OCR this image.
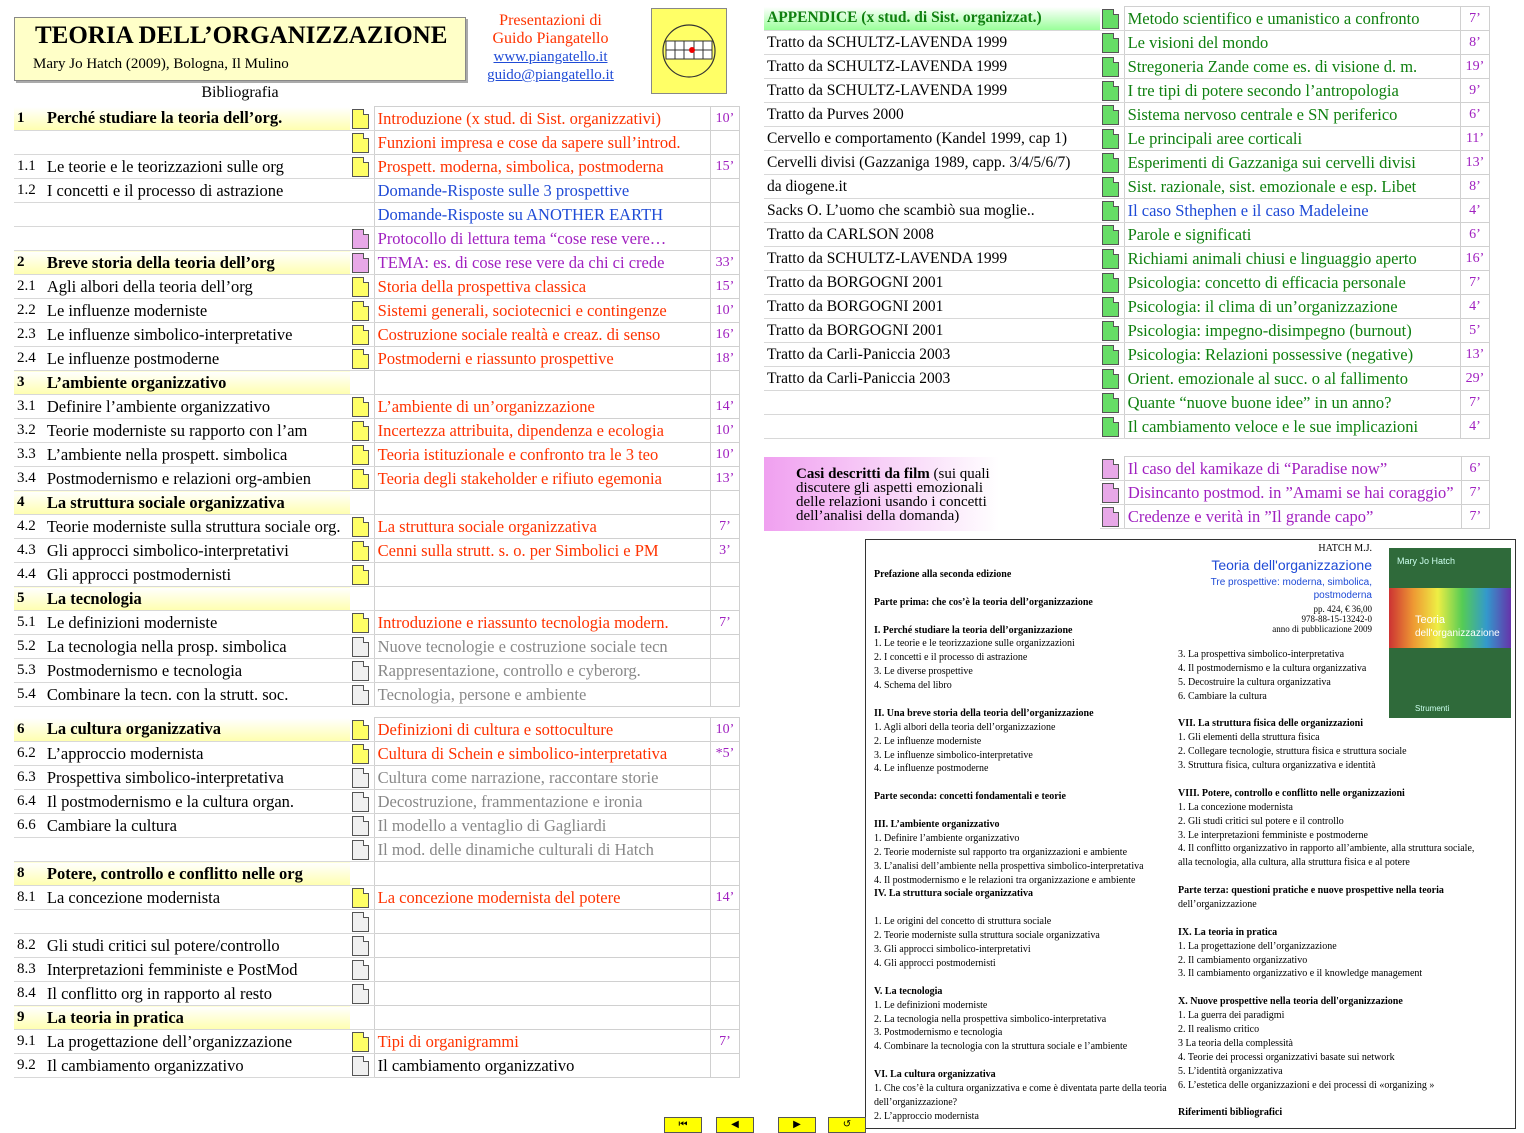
TEORIA DELL’ORGANIZZAZIONE
Mary Jo Hatch (2009), Bologna, Il Mulino
Presentazioni di
Guido Piangatello
www.piangatello.it
guido@piangatello.it
Bibliografia
1	Perché studiare la teoria dell’org.		Introduzione (x stud. di Sist. organizzativi)	10’
			Funzioni impresa e cose da sapere sull’introd.	
1.1	Le teorie e le teorizzazioni sulle org		Prospett. moderna, simbolica, postmoderna	15’
1.2	I concetti e il processo di astrazione		Domande-Risposte sulle 3 prospettive	
			Domande-Risposte su ANOTHER EARTH	
			Protocollo di lettura tema “cose rese vere…	
2	Breve storia della teoria dell’org		TEMA: es. di cose rese vere da chi ci crede	33’
2.1	Agli albori della teoria dell’org		Storia della prospettiva classica	15’
2.2	Le influenze moderniste		Sistemi generali, sociotecnici e contingenze	10’
2.3	Le influenze simbolico-interpretative		Costruzione sociale realtà e creaz. di senso	16’
2.4	Le influenze postmoderne		Postmoderni e riassunto prospettive	18’
3	L’ambiente organizzativo			
3.1	Definire l’ambiente organizzativo		L’ambiente di un’organizzazione	14’
3.2	Teorie moderniste su rapporto con l’am		Incertezza attribuita, dipendenza e ecologia	10’
3.3	L’ambiente nella prospett. simbolica		Teoria istituzionale e confronto tra le 3 teo	10’
3.4	Postmodernismo e relazioni org-ambien		Teoria degli stakeholder e rifiuto egemonia	13’
4	La struttura sociale organizzativa			
4.2	Teorie moderniste sulla struttura sociale org.		La struttura sociale organizzativa	7’
4.3	Gli approcci simbolico-interpretativi		Cenni sulla strutt. s. o. per Simbolici e PM	3’
4.4	Gli approcci postmodernisti			
5	La tecnologia			
5.1	Le definizioni moderniste		Introduzione e riassunto tecnologia modern.	7’
5.2	La tecnologia nella prosp. simbolica		Nuove tecnologie e costruzione sociale tecn	
5.3	Postmodernismo e tecnologia		Rappresentazione, controllo e cyberorg.	
5.4	Combinare la tecn. con la strutt. soc.		Tecnologia, persone e ambiente	

6	La cultura organizzativa		Definizioni di cultura e sottoculture	10’
6.2	L’approccio modernista		Cultura di Schein e simbolico-interpretativa	*5’
6.3	Prospettiva simbolico-interpretativa		Cultura come narrazione, raccontare storie	
6.4	Il postmodernismo e la cultura organ.		Decostruzione, frammentazione e ironia	
6.6	Cambiare la cultura		Il modello a ventaglio di Gagliardi	
			Il mod. delle dinamiche culturali di Hatch	
8	Potere, controllo e conflitto nelle org			
8.1	La concezione modernista		La concezione modernista del potere	14’

8.2	Gli studi critici sul potere/controllo			
8.3	Interpretazioni femministe e PostMod			
8.4	Il conflitto org in rapporto al resto			
9	La teoria in pratica			
9.1	La progettazione dell’organizzazione		Tipi di organigrammi	7’
9.2	Il cambiamento organizzativo		Il cambiamento organizzativo	
APPENDICE (x stud. di Sist. organizzat.)		Metodo scientifico e umanistico a confronto	7’
Tratto da SCHULTZ-LAVENDA 1999		Le visioni del mondo	8’
Tratto da SCHULTZ-LAVENDA 1999		Stregoneria Zande come es. di visione d. m.	19’
Tratto da SCHULTZ-LAVENDA 1999		I tre tipi di potere secondo l’antropologia	9’
Tratto da Purves 2000		Sistema nervoso centrale e SN periferico	6’
Cervello e comportamento (Kandel 1999, cap 1)		Le principali aree corticali	11’
Cervelli divisi (Gazzaniga 1989, capp. 3/4/5/6/7)		Esperimenti di Gazzaniga sui cervelli divisi	13’
da diogene.it		Sist. razionale, sist. emozionale e esp. Libet	8’
Sacks O. L’uomo che scambiò sua moglie..		Il caso Sthephen e il caso Madeleine	4’
Tratto da CARLSON 2008		Parole e significati	6’
Tratto da SCHULTZ-LAVENDA 1999		Richiami animali chiusi e linguaggio aperto	16’
Tratto da BORGOGNI 2001		Psicologia: concetto di efficacia personale	7’
Tratto da BORGOGNI 2001		Psicologia: il clima di un’organizzazione	4’
Tratto da BORGOGNI 2001		Psicologia: impegno-disimpegno (burnout)	5’
Tratto da Carli-Paniccia 2003		Psicologia: Relazioni possessive (negative)	13’
Tratto da Carli-Paniccia 2003		Orient. emozionale al succ. o al fallimento	29’
		Quante “nuove buone idee” in un anno?	7’
		Il cambiamento veloce e le sue implicazioni	4’
Casi descritti da film (sui quali
discutere gli aspetti emozionali
delle relazioni usando i concetti
dell’analisi della domanda)
	Il caso del kamikaze di “Paradise now”	6’
	Disincanto postmod. in ”Amami se hai coraggio”	7’
	Credenze e verità in ”Il grande capo”	7’
HATCH M.J.
Teoria dell'organizzazione
Tre prospettive: moderna, simbolica,
postmoderna
pp. 424, € 36,00
978-88-15-13242-0
anno di pubblicazione 2009
Mary Jo Hatch
Teoria
dell'organizzazione
Strumenti
Prefazione alla seconda edizione
Parte prima: che cos’è la teoria dell’organizzazione
I. Perché studiare la teoria dell’organizzazione
1. Le teorie e le teorizzazione sulle organizzazioni
2. I concetti e il processo di astrazione
3. Le diverse prospettive
4. Schema del libro
II. Una breve storia della teoria dell’organizzazione
1. Agli albori della teoria dell’organizzazione
2. Le influenze moderniste
3. Le influenze simbolico-interpretative
4. Le influenze postmoderne
Parte seconda: concetti fondamentali e teorie
III. L’ambiente organizzativo
1. Definire l’ambiente organizzativo
2. Teorie moderniste sul rapporto tra organizzazioni e ambiente
3. L’analisi dell’ambiente nella prospettiva simbolico-interpretativa
4. Il postmodernismo e le relazioni tra organizzazione e ambiente
IV. La struttura sociale organizzativa
1. Le origini del concetto di struttura sociale
2. Teorie moderniste sulla struttura sociale organizzativa
3. Gli approcci simbolico-interpretativi
4. Gli approcci postmodernisti
V. La tecnologia
1. Le definizioni moderniste
2. La tecnologia nella prospettiva simbolico-interpretativa
3. Postmodernismo e tecnologia
4. Combinare la tecnologia con la struttura sociale e l’ambiente
VI. La cultura organizzativa
1. Che cos’è la cultura organizzativa e come è diventata parte della teoria
dell’organizzazione?
2. L’approccio modernista
3. La prospettiva simbolico-interpretativa
4. Il postmodernismo e la cultura organizzativa
5. Decostruire la cultura organizzativa
6. Cambiare la cultura
VII. La struttura fisica delle organizzazioni
1. Gli elementi della struttura fisica
2. Collegare tecnologie, struttura fisica e struttura sociale
3. Struttura fisica, cultura organizzativa e identità
VIII. Potere, controllo e conflitto nelle organizzazioni
1. La concezione modernista
2. Gli studi critici sul potere e il controllo
3. Le interpretazioni femministe e postmoderne
4. Il conflitto organizzativo in rapporto all’ambiente, alla struttura sociale,
alla tecnologia, alla cultura, alla struttura fisica e al potere
Parte terza: questioni pratiche e nuove prospettive nella teoria
dell’organizzazione
IX. La teoria in pratica
1. La progettazione dell’organizzazione
2. Il cambiamento organizzativo
3. Il cambiamento organizzativo e il knowledge management
X. Nuove prospettive nella teoria dell'organizzazione
1. La guerra dei paradigmi
2. Il realismo critico
3 La teoria della complessità
4. Teorie dei processi organizzativi basate sui network
5. L’identità organizzativa
6. L’estetica delle organizzazioni e dei processi di «organizing »
Riferimenti bibliografici
⏮	◀	▶	↺
